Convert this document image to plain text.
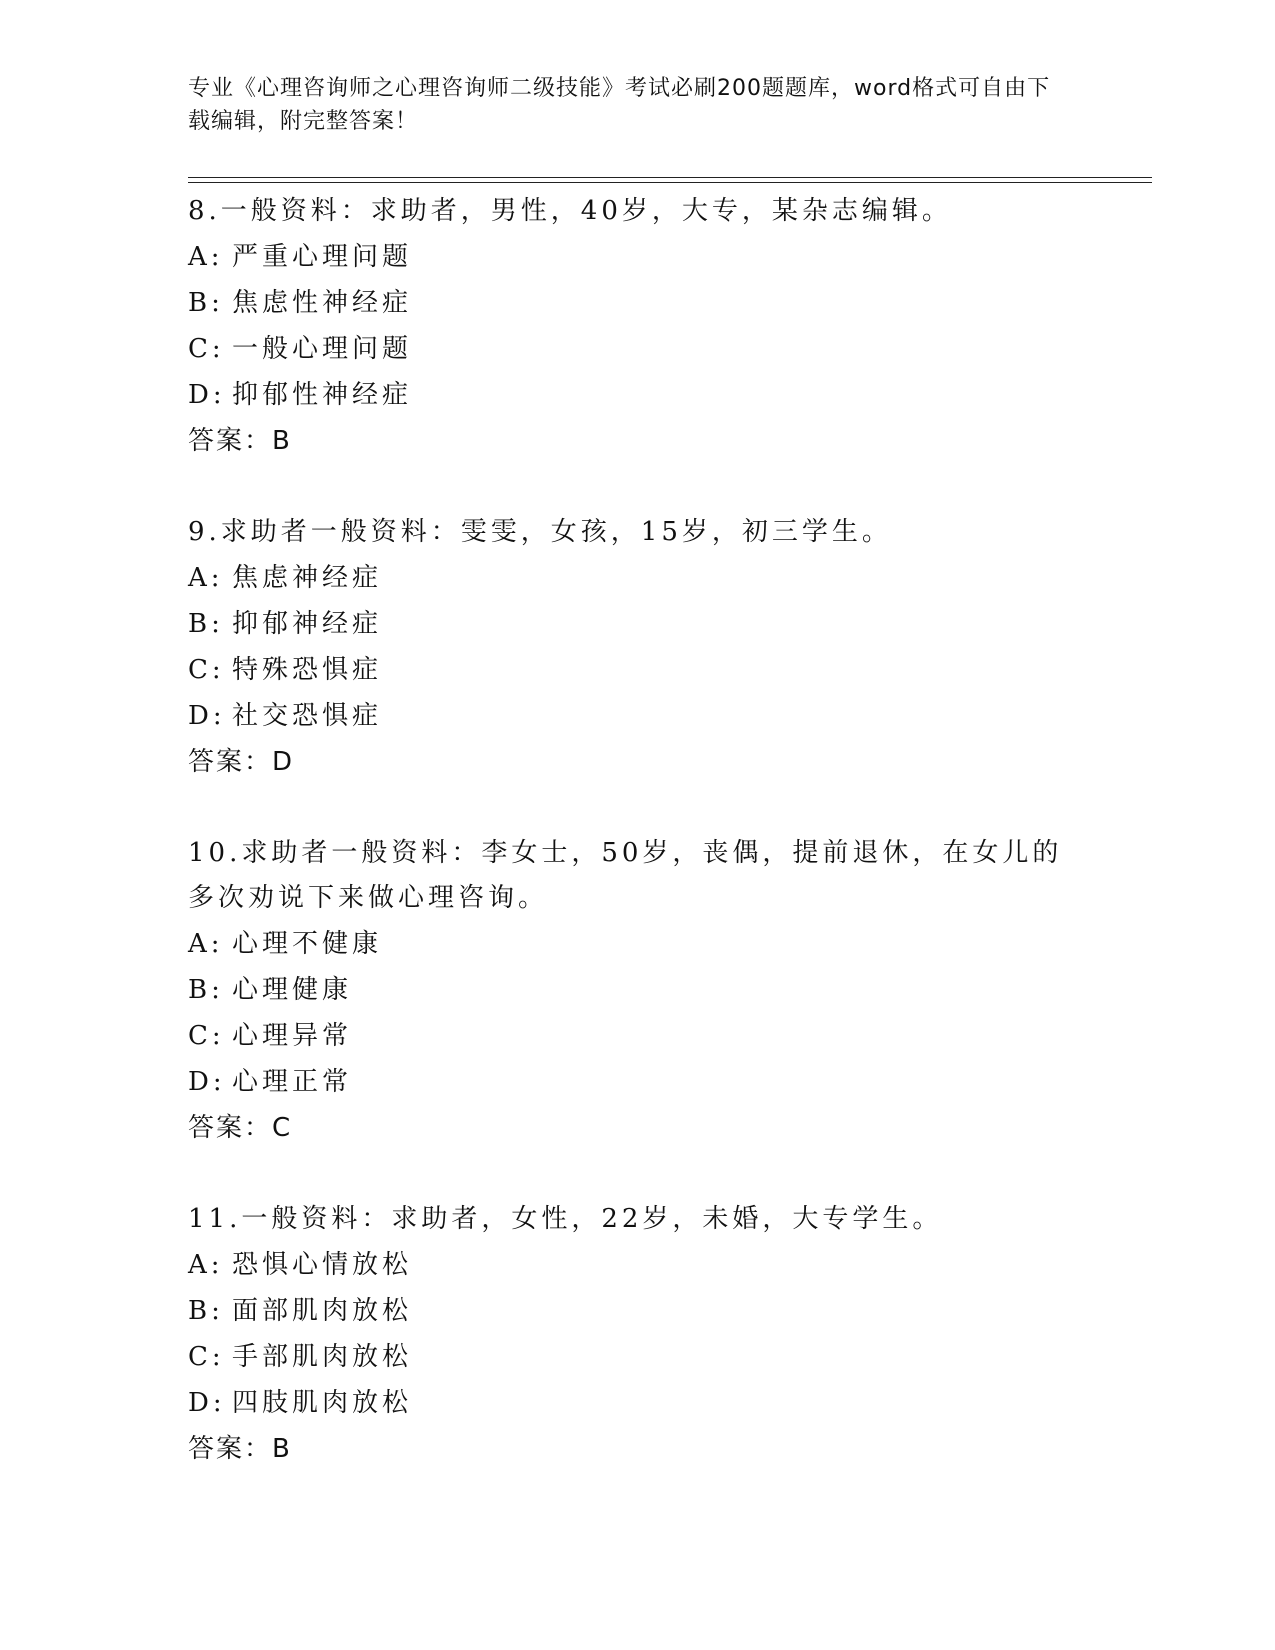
专业《心理咨询师之心理咨询师二级技能》考试必刷200题题库，word格式可自由下载编辑，附完整答案！
8.一般资料：求助者，男性，40岁，大专，某杂志编辑。
A: 严重心理问题
B: 焦虑性神经症
C: 一般心理问题
D: 抑郁性神经症
答案：B
9.求助者一般资料：雯雯，女孩，15岁，初三学生。
A: 焦虑神经症
B: 抑郁神经症
C: 特殊恐惧症
D: 社交恐惧症
答案：D
10.求助者一般资料：李女士，50岁，丧偶，提前退休，在女儿的多次劝说下来做心理咨询。
A: 心理不健康
B: 心理健康
C: 心理异常
D: 心理正常
答案：C
11.一般资料：求助者，女性，22岁，未婚，大专学生。
A: 恐惧心情放松
B: 面部肌肉放松
C: 手部肌肉放松
D: 四肢肌肉放松
答案：B
